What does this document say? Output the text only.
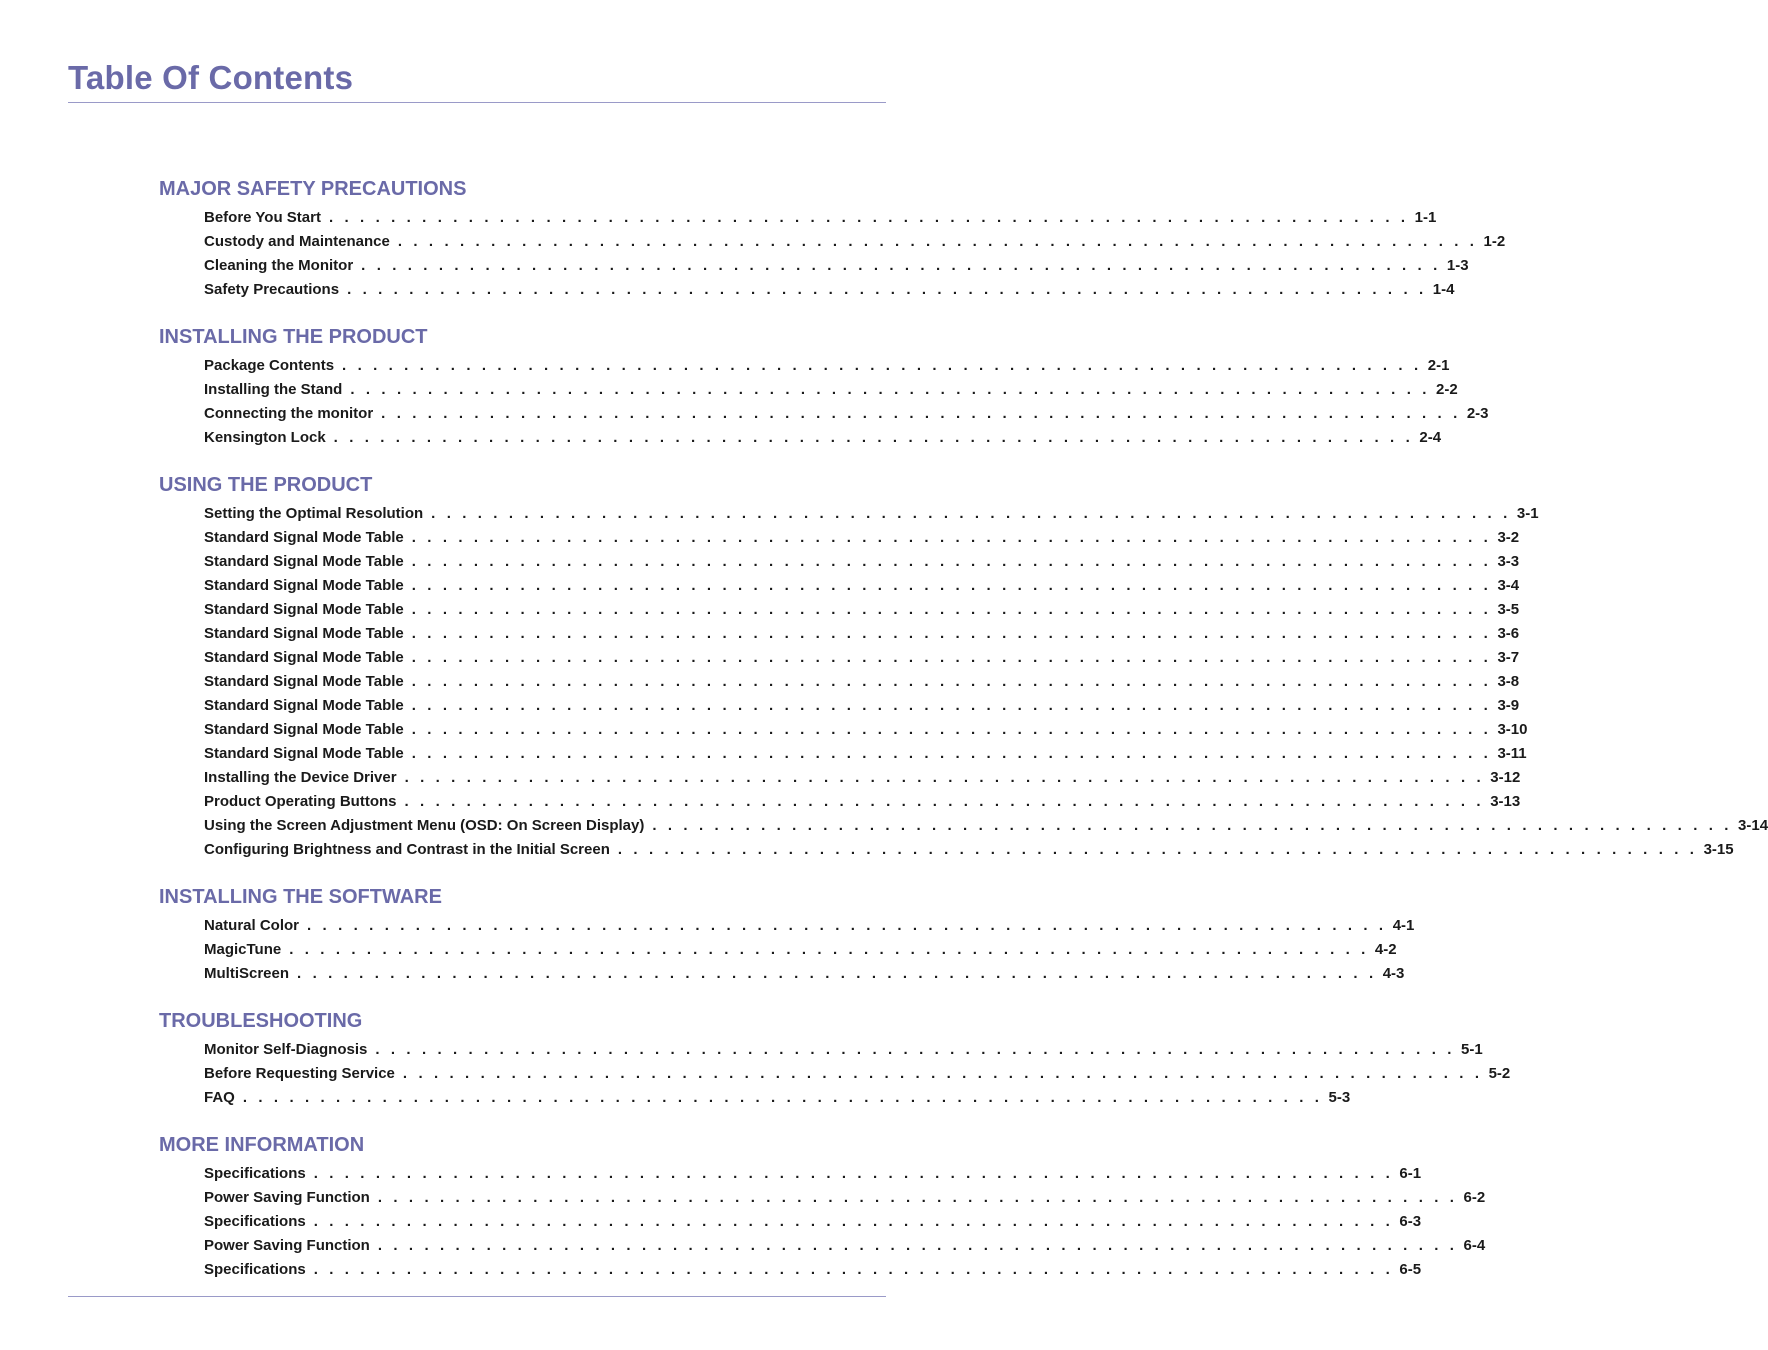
Table Of Contents
MAJOR SAFETY PRECAUTIONS
Before You Start . . . . . . . . . . . . . . . . . . . . . . . . . . . . . . . . . . . . . . . . . . . . . . . . . . . . . . . . . . . . . . . . . . . . . . 1-1
Custody and Maintenance . . . . . . . . . . . . . . . . . . . . . . . . . . . . . . . . . . . . . . . . . . . . . . . . . . . . . . . . . . . . . . . . . . . . . . 1-2
Cleaning the Monitor . . . . . . . . . . . . . . . . . . . . . . . . . . . . . . . . . . . . . . . . . . . . . . . . . . . . . . . . . . . . . . . . . . . . . . 1-3
Safety Precautions . . . . . . . . . . . . . . . . . . . . . . . . . . . . . . . . . . . . . . . . . . . . . . . . . . . . . . . . . . . . . . . . . . . . . . 1-4
INSTALLING THE PRODUCT
Package Contents . . . . . . . . . . . . . . . . . . . . . . . . . . . . . . . . . . . . . . . . . . . . . . . . . . . . . . . . . . . . . . . . . . . . . . 2-1
Installing the Stand . . . . . . . . . . . . . . . . . . . . . . . . . . . . . . . . . . . . . . . . . . . . . . . . . . . . . . . . . . . . . . . . . . . . . . 2-2
Connecting the monitor . . . . . . . . . . . . . . . . . . . . . . . . . . . . . . . . . . . . . . . . . . . . . . . . . . . . . . . . . . . . . . . . . . . . . . 2-3
Kensington Lock . . . . . . . . . . . . . . . . . . . . . . . . . . . . . . . . . . . . . . . . . . . . . . . . . . . . . . . . . . . . . . . . . . . . . . 2-4
USING THE PRODUCT
Setting the Optimal Resolution . . . . . . . . . . . . . . . . . . . . . . . . . . . . . . . . . . . . . . . . . . . . . . . . . . . . . . . . . . . . . . . . . . . . . . 3-1
Standard Signal Mode Table . . . . . . . . . . . . . . . . . . . . . . . . . . . . . . . . . . . . . . . . . . . . . . . . . . . . . . . . . . . . . . . . . . . . . . 3-2
Standard Signal Mode Table . . . . . . . . . . . . . . . . . . . . . . . . . . . . . . . . . . . . . . . . . . . . . . . . . . . . . . . . . . . . . . . . . . . . . . 3-3
Standard Signal Mode Table . . . . . . . . . . . . . . . . . . . . . . . . . . . . . . . . . . . . . . . . . . . . . . . . . . . . . . . . . . . . . . . . . . . . . . 3-4
Standard Signal Mode Table . . . . . . . . . . . . . . . . . . . . . . . . . . . . . . . . . . . . . . . . . . . . . . . . . . . . . . . . . . . . . . . . . . . . . . 3-5
Standard Signal Mode Table . . . . . . . . . . . . . . . . . . . . . . . . . . . . . . . . . . . . . . . . . . . . . . . . . . . . . . . . . . . . . . . . . . . . . . 3-6
Standard Signal Mode Table . . . . . . . . . . . . . . . . . . . . . . . . . . . . . . . . . . . . . . . . . . . . . . . . . . . . . . . . . . . . . . . . . . . . . . 3-7
Standard Signal Mode Table . . . . . . . . . . . . . . . . . . . . . . . . . . . . . . . . . . . . . . . . . . . . . . . . . . . . . . . . . . . . . . . . . . . . . . 3-8
Standard Signal Mode Table . . . . . . . . . . . . . . . . . . . . . . . . . . . . . . . . . . . . . . . . . . . . . . . . . . . . . . . . . . . . . . . . . . . . . . 3-9
Standard Signal Mode Table . . . . . . . . . . . . . . . . . . . . . . . . . . . . . . . . . . . . . . . . . . . . . . . . . . . . . . . . . . . . . . . . . . . . . . 3-10
Standard Signal Mode Table . . . . . . . . . . . . . . . . . . . . . . . . . . . . . . . . . . . . . . . . . . . . . . . . . . . . . . . . . . . . . . . . . . . . . . 3-11
Installing the Device Driver . . . . . . . . . . . . . . . . . . . . . . . . . . . . . . . . . . . . . . . . . . . . . . . . . . . . . . . . . . . . . . . . . . . . . . 3-12
Product Operating Buttons . . . . . . . . . . . . . . . . . . . . . . . . . . . . . . . . . . . . . . . . . . . . . . . . . . . . . . . . . . . . . . . . . . . . . . 3-13
Using the Screen Adjustment Menu (OSD: On Screen Display) . . . . . . . . . . . . . . . . . . . . . . . . . . . . . . . . . . . . . . . . . . . . . . . . . . . . . . . . . . . . . . . . . . . . . . 3-14
Configuring Brightness and Contrast in the Initial Screen . . . . . . . . . . . . . . . . . . . . . . . . . . . . . . . . . . . . . . . . . . . . . . . . . . . . . . . . . . . . . . . . . . . . . . 3-15
INSTALLING THE SOFTWARE
Natural Color . . . . . . . . . . . . . . . . . . . . . . . . . . . . . . . . . . . . . . . . . . . . . . . . . . . . . . . . . . . . . . . . . . . . . . 4-1
MagicTune . . . . . . . . . . . . . . . . . . . . . . . . . . . . . . . . . . . . . . . . . . . . . . . . . . . . . . . . . . . . . . . . . . . . . . 4-2
MultiScreen . . . . . . . . . . . . . . . . . . . . . . . . . . . . . . . . . . . . . . . . . . . . . . . . . . . . . . . . . . . . . . . . . . . . . . 4-3
TROUBLESHOOTING
Monitor Self-Diagnosis . . . . . . . . . . . . . . . . . . . . . . . . . . . . . . . . . . . . . . . . . . . . . . . . . . . . . . . . . . . . . . . . . . . . . . 5-1
Before Requesting Service . . . . . . . . . . . . . . . . . . . . . . . . . . . . . . . . . . . . . . . . . . . . . . . . . . . . . . . . . . . . . . . . . . . . . . 5-2
FAQ . . . . . . . . . . . . . . . . . . . . . . . . . . . . . . . . . . . . . . . . . . . . . . . . . . . . . . . . . . . . . . . . . . . . . . 5-3
MORE INFORMATION
Specifications . . . . . . . . . . . . . . . . . . . . . . . . . . . . . . . . . . . . . . . . . . . . . . . . . . . . . . . . . . . . . . . . . . . . . . 6-1
Power Saving Function . . . . . . . . . . . . . . . . . . . . . . . . . . . . . . . . . . . . . . . . . . . . . . . . . . . . . . . . . . . . . . . . . . . . . . 6-2
Specifications . . . . . . . . . . . . . . . . . . . . . . . . . . . . . . . . . . . . . . . . . . . . . . . . . . . . . . . . . . . . . . . . . . . . . . 6-3
Power Saving Function . . . . . . . . . . . . . . . . . . . . . . . . . . . . . . . . . . . . . . . . . . . . . . . . . . . . . . . . . . . . . . . . . . . . . . 6-4
Specifications . . . . . . . . . . . . . . . . . . . . . . . . . . . . . . . . . . . . . . . . . . . . . . . . . . . . . . . . . . . . . . . . . . . . . . 6-5
